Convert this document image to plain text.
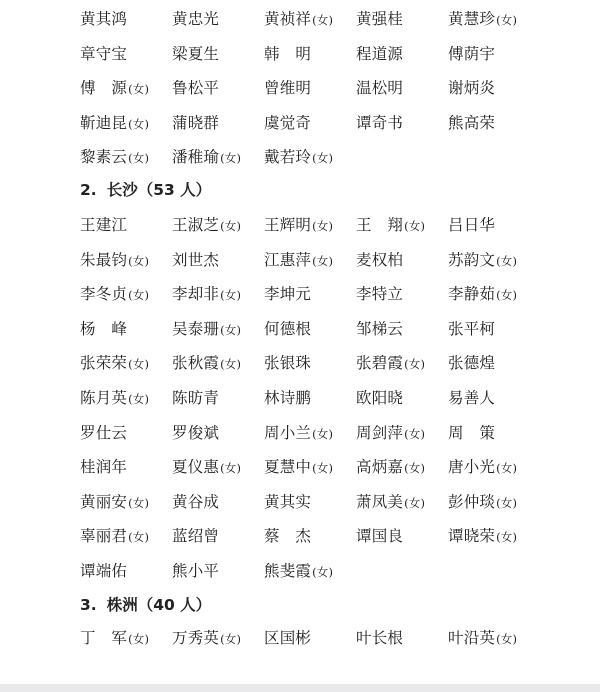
黄其鸿	黄忠光	黄祯祥(女)	黄强桂	黄慧珍(女)
章守宝	梁夏生	韩　明	程道源	傅荫宇
傅　源(女)	鲁松平	曾维明	温松明	谢炳炎
靳迪昆(女)	蒲晓群	虞觉奇	谭奇书	熊高荣
黎素云(女)	潘稚瑜(女)	戴若玲(女)
2. 长沙（53 人）
王建江	王淑芝(女)	王辉明(女)	王　翔(女)	吕日华
朱最钧(女)	刘世杰	江惠萍(女)	麦权柏	苏韵文(女)
李冬贞(女)	李却非(女)	李坤元	李特立	李静茹(女)
杨　峰	吴泰珊(女)	何德根	邹梯云	张平柯
张荣荣(女)	张秋霞(女)	张银珠	张碧霞(女)	张德煌
陈月英(女)	陈昉青	林诗鹏	欧阳晓	易善人
罗仕云	罗俊斌	周小兰(女)	周剑萍(女)	周　策
桂润年	夏仪惠(女)	夏慧中(女)	高炳嘉(女)	唐小光(女)
黄丽安(女)	黄谷成	黄其实	萧凤美(女)	彭仲琰(女)
辜丽君(女)	蓝绍曾	蔡　杰	谭国良	谭晓荣(女)
谭端佑	熊小平	熊斐霞(女)
3. 株洲（40 人）
丁　军(女)	万秀英(女)	区国彬	叶长根	叶沿英(女)
